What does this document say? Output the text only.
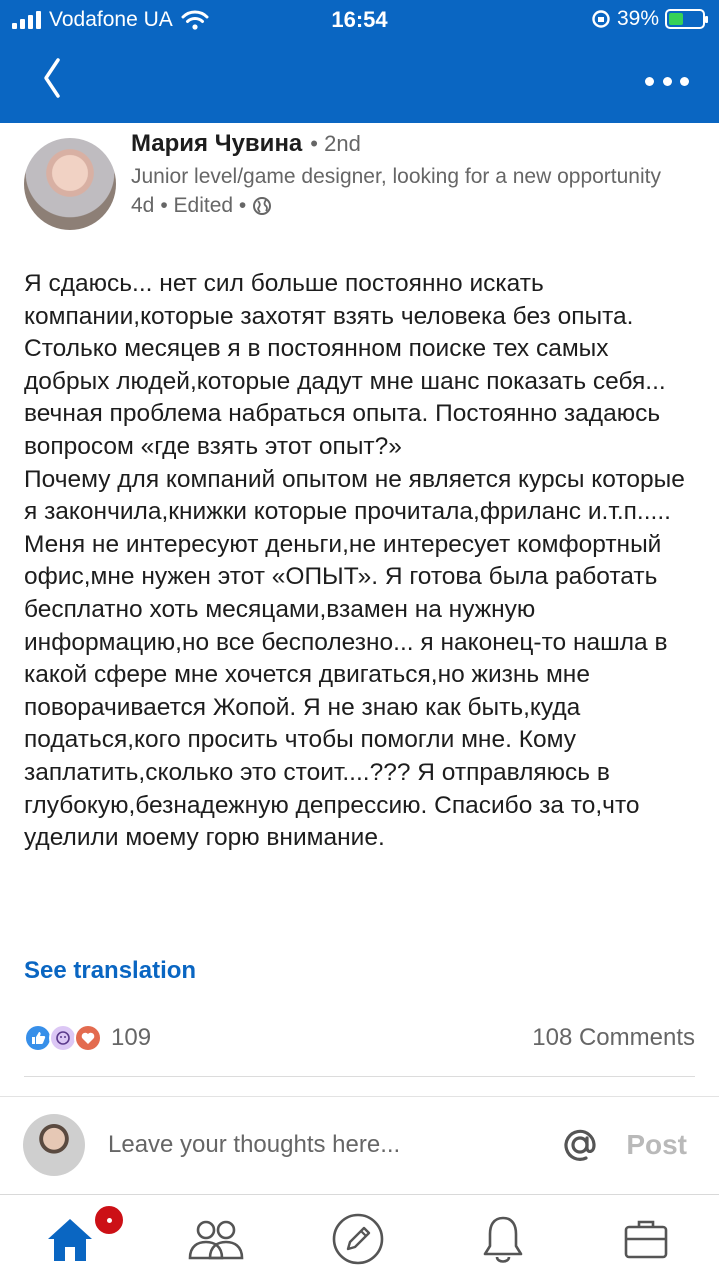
Vodafone UA	16:54	39%
Мария Чувина • 2nd
Junior level/game designer, looking for a new opportunity
4d • Edited •
Я сдаюсь... нет сил больше постоянно искать компании,которые захотят взять человека без опыта. Столько месяцев я в постоянном поиске тех самых добрых людей,которые дадут мне шанс показать себя... вечная проблема набраться опыта. Постоянно задаюсь вопросом «где взять этот опыт?»
Почему для компаний опытом не является курсы которые я закончила,книжки которые прочитала,фриланс и.т.п.....
Меня не интересуют деньги,не интересует комфортный офис,мне нужен этот «ОПЫТ». Я готова была работать бесплатно хоть месяцами,взамен на нужную информацию,но все бесполезно... я наконец-то нашла в какой сфере мне хочется двигаться,но жизнь мне поворачивается Жопой. Я не знаю как быть,куда податься,кого просить чтобы помогли мне. Кому заплатить,сколько это стоит....??? Я отправляюсь в глубокую,безнадежную депрессию. Спасибо за то,что уделили моему горю внимание.
See translation
109	108 Comments
Leave your thoughts here...	Post
